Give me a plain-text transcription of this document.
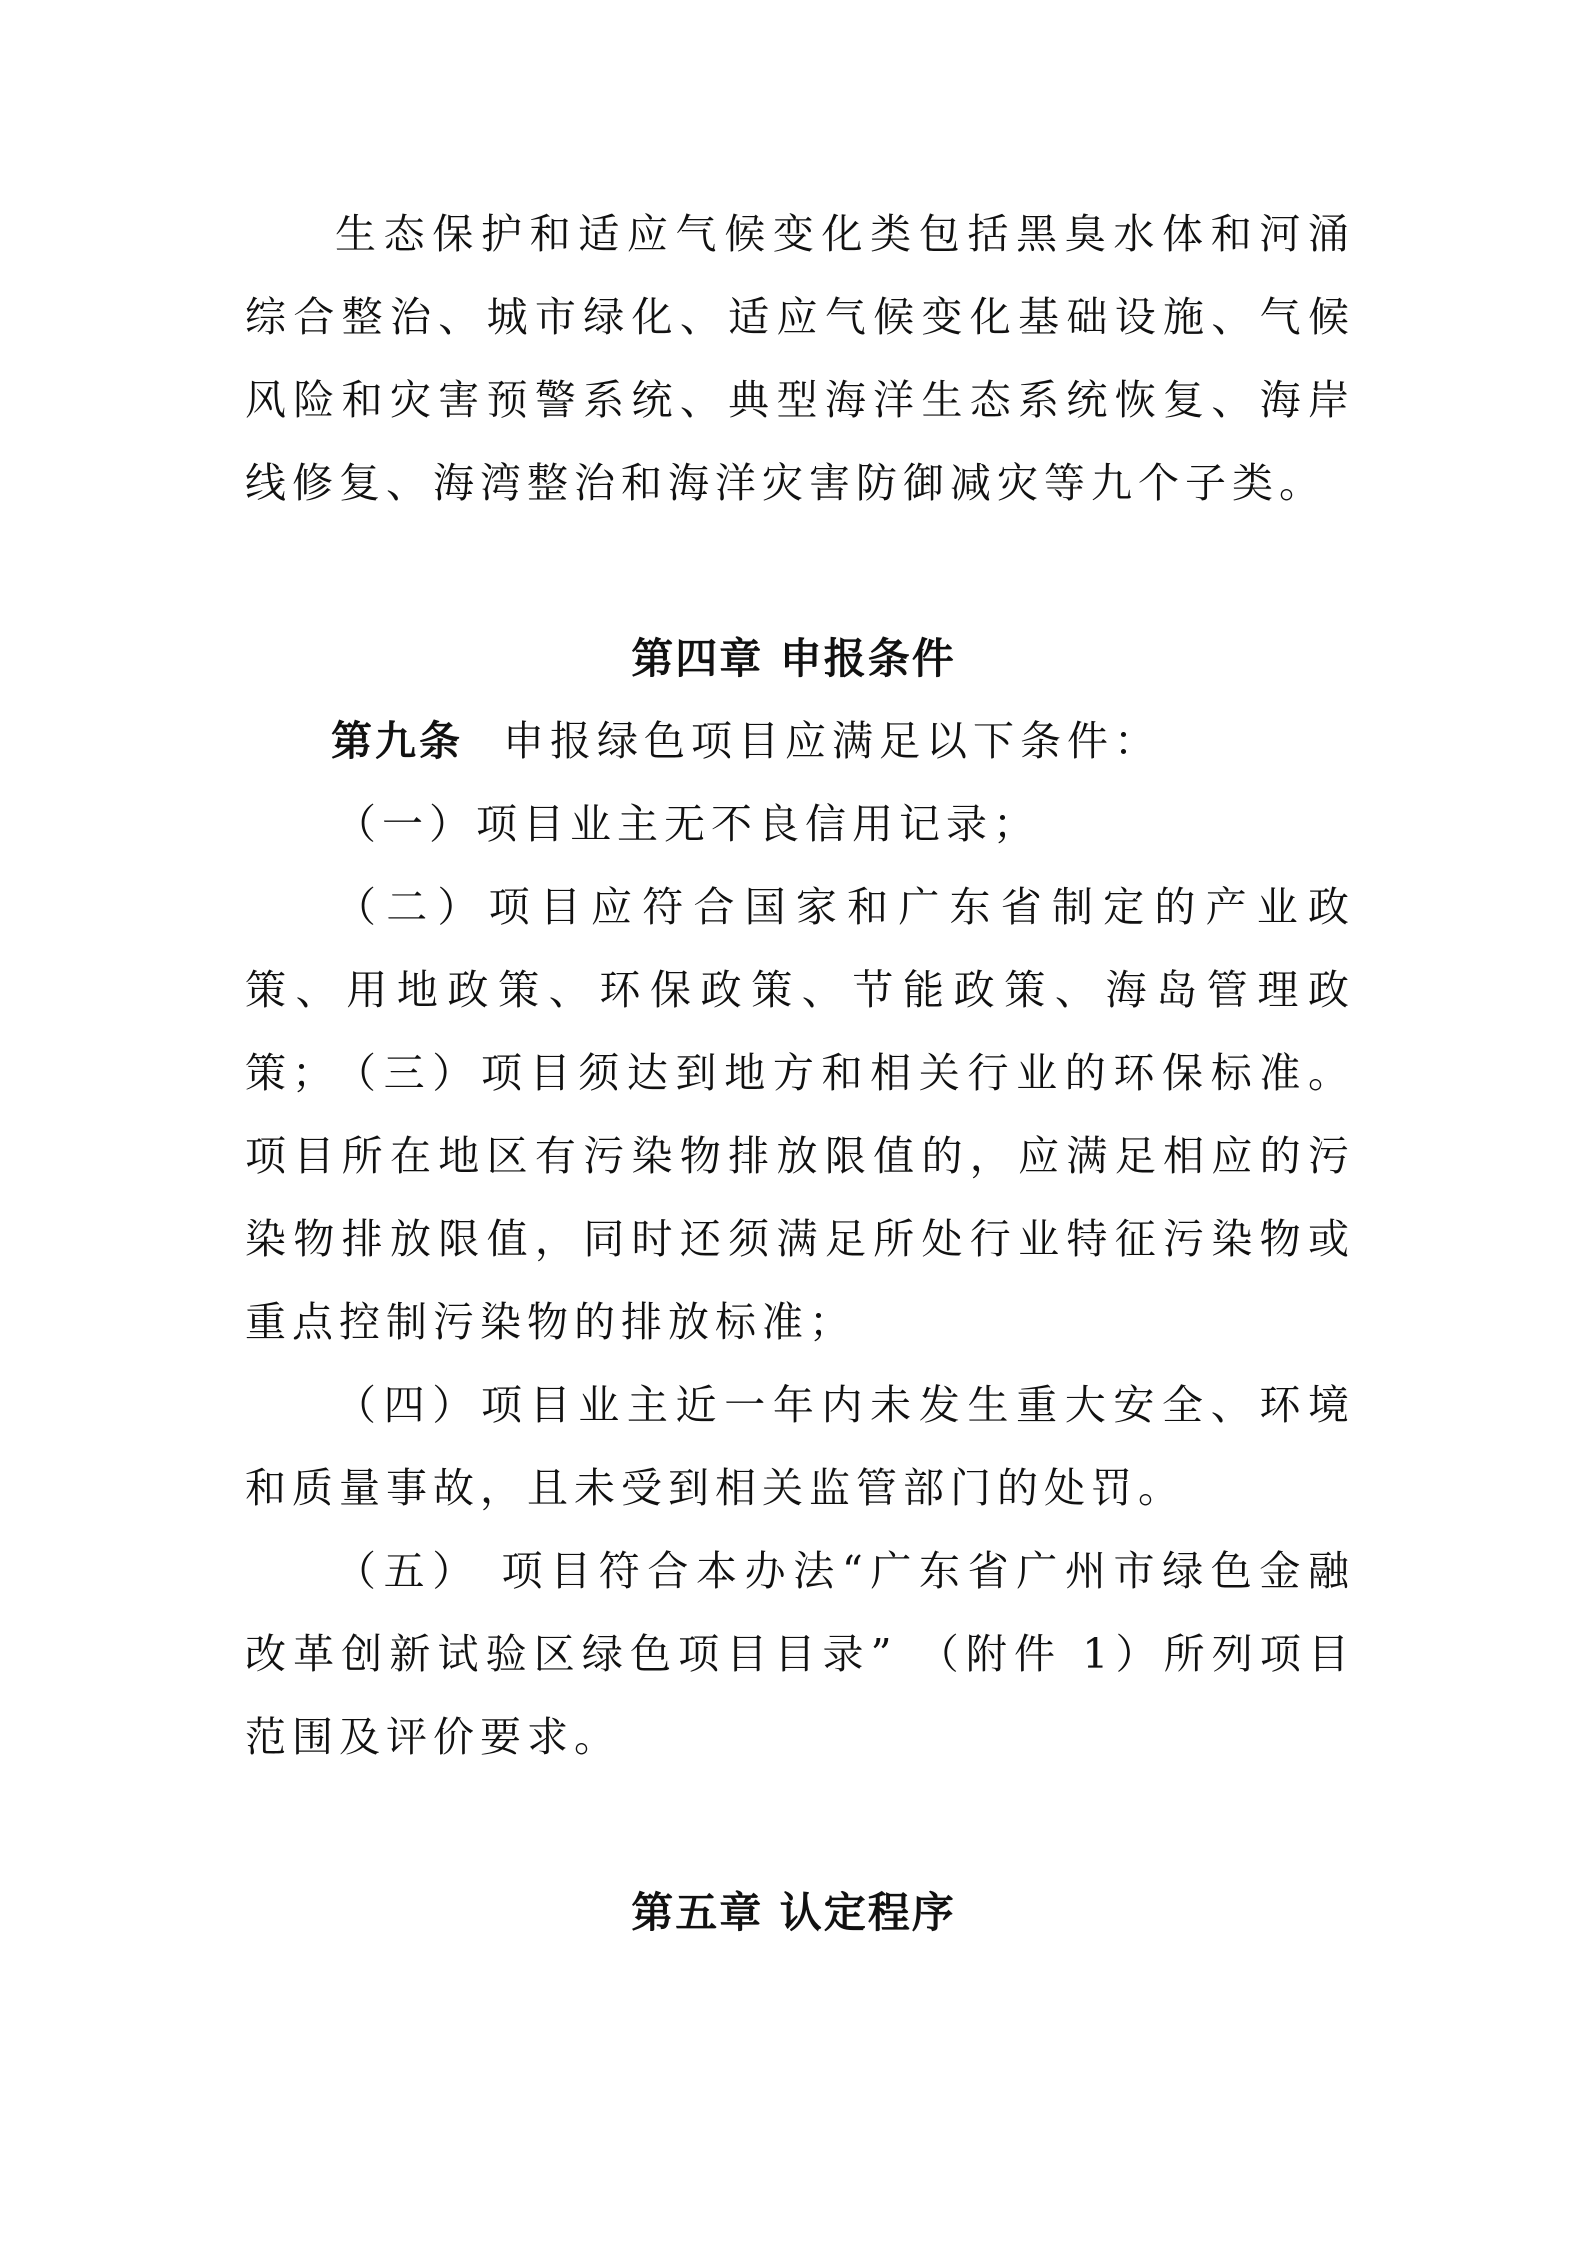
生态保护和适应气候变化类包括黑臭水体和河涌综合整治、城市绿化、适应气候变化基础设施、气候风险和灾害预警系统、典型海洋生态系统恢复、海岸线修复、海湾整治和海洋灾害防御减灾等九个子类。

第四章 申报条件

第九条 申报绿色项目应满足以下条件：

（一）项目业主无不良信用记录；

（二）项目应符合国家和广东省制定的产业政策、用地政策、环保政策、节能政策、海岛管理政策；

（三）项目须达到地方和相关行业的环保标准。项目所在地区有污染物排放限值的，应满足相应的污染物排放限值，同时还须满足所处行业特征污染物或重点控制污染物的排放标准；

（四）项目业主近一年内未发生重大安全、环境和质量事故，且未受到相关监管部门的处罚。

（五） 项目符合本办法“广东省广州市绿色金融改革创新试验区绿色项目目录” （附件 1）所列项目范围及评价要求。

第五章 认定程序
